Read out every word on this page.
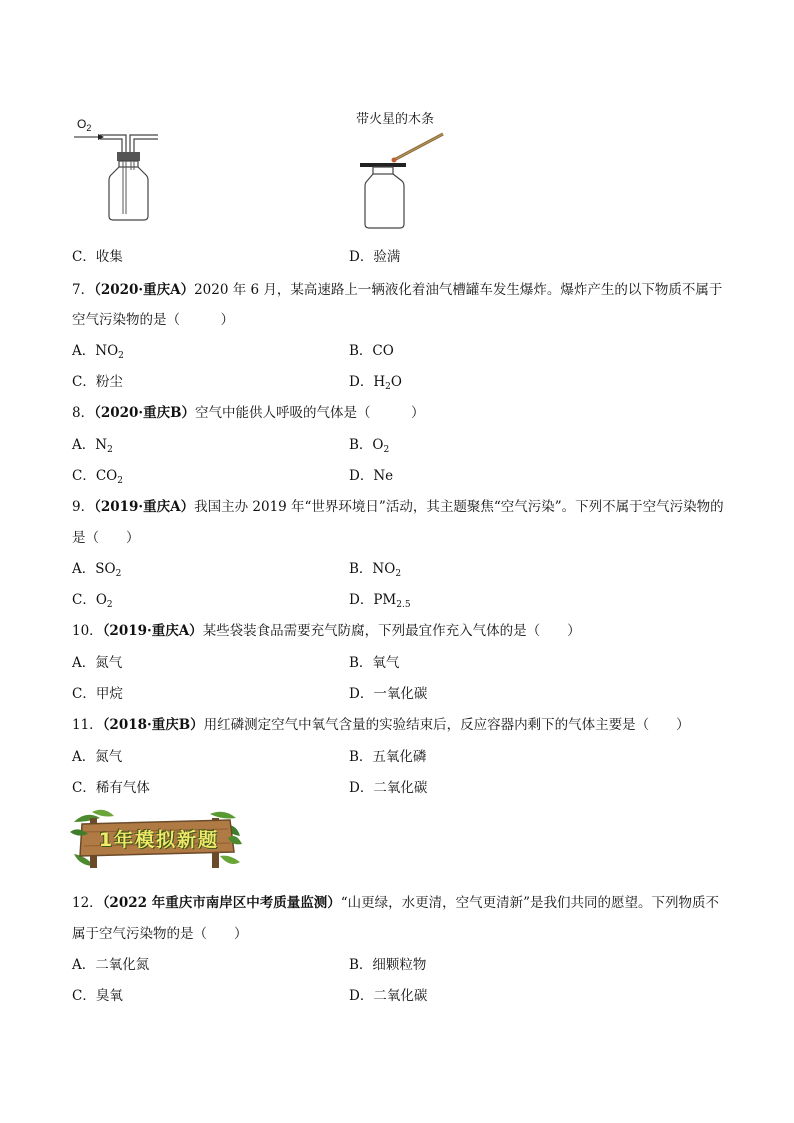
$O_2$
带火星的木条
C．收集	D．验满
7．（2020·重庆A）2020 年 6 月，某高速路上一辆液化着油气槽罐车发生爆炸。爆炸产生的以下物质不属于
空气污染物的是（　　　）
A．$NO_2$	B．CO
C．粉尘	D．$H_2O$
8．（2020·重庆B）空气中能供人呼吸的气体是（　　　）
A．$N_2$	B．$O_2$
C．$CO_2$	D．Ne
9．（2019·重庆A）我国主办 2019 年“世界环境日”活动，其主题聚焦“空气污染”。下列不属于空气污染物的
是（　　）
A．$SO_2$	B．$NO_2$
C．$O_2$	D．$PM_{2.5}$
10．（2019·重庆A）某些袋装食品需要充气防腐，下列最宜作充入气体的是（　　）
A．氮气	B．氧气
C．甲烷	D．一氧化碳
11．（2018·重庆B）用红磷测定空气中氧气含量的实验结束后，反应容器内剩下的气体主要是（　　）
A．氮气	B．五氧化磷
C．稀有气体	D．二氧化碳
1年模拟新题
12．（2022 年重庆市南岸区中考质量监测）“山更绿，水更清，空气更清新”是我们共同的愿望。下列物质不
属于空气污染物的是（　　）
A．二氧化氮	B．细颗粒物
C．臭氧	D．二氧化碳
